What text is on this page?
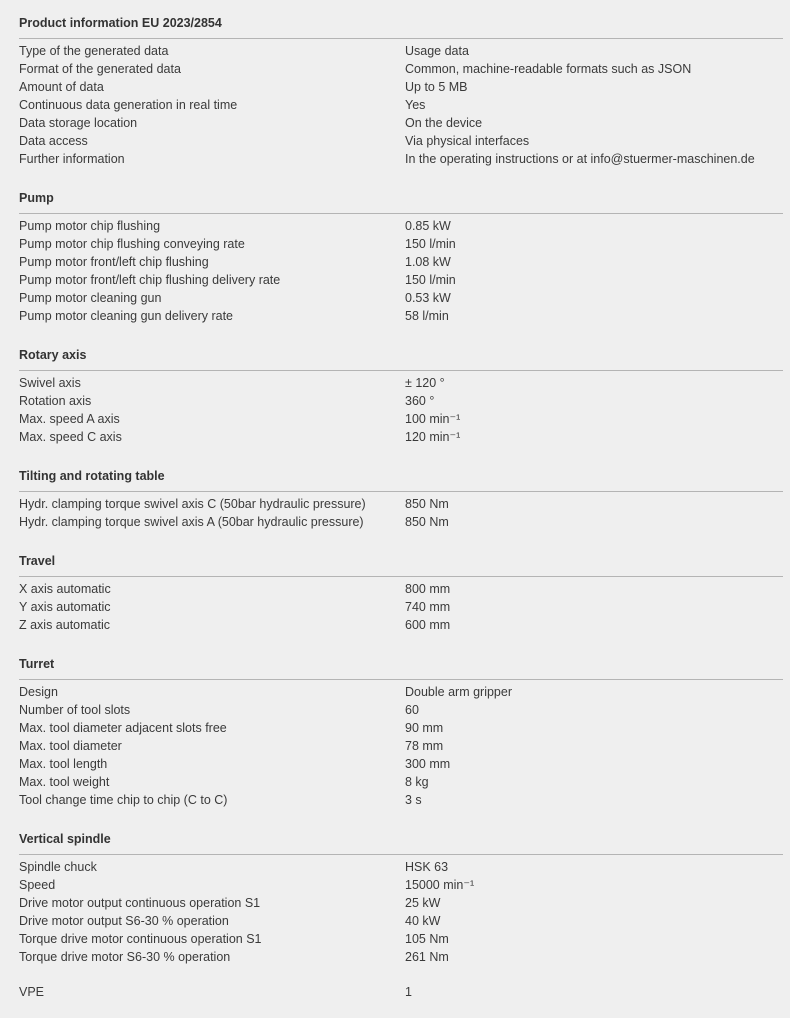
Product information EU 2023/2854
Type of the generated data	Usage data
Format of the generated data	Common, machine-readable formats such as JSON
Amount of data	Up to 5 MB
Continuous data generation in real time	Yes
Data storage location	On the device
Data access	Via physical interfaces
Further information	In the operating instructions or at info@stuermer-maschinen.de
Pump
Pump motor chip flushing	0.85 kW
Pump motor chip flushing conveying rate	150 l/min
Pump motor front/left chip flushing	1.08 kW
Pump motor front/left chip flushing delivery rate	150 l/min
Pump motor cleaning gun	0.53 kW
Pump motor cleaning gun delivery rate	58 l/min
Rotary axis
Swivel axis	± 120 °
Rotation axis	360 °
Max. speed A axis	100 min⁻¹
Max. speed C axis	120 min⁻¹
Tilting and rotating table
Hydr. clamping torque swivel axis C (50bar hydraulic pressure)	850 Nm
Hydr. clamping torque swivel axis A (50bar hydraulic pressure)	850 Nm
Travel
X axis automatic	800 mm
Y axis automatic	740 mm
Z axis automatic	600 mm
Turret
Design	Double arm gripper
Number of tool slots	60
Max. tool diameter adjacent slots free	90 mm
Max. tool diameter	78 mm
Max. tool length	300 mm
Max. tool weight	8 kg
Tool change time chip to chip (C to C)	3 s
Vertical spindle
Spindle chuck	HSK 63
Speed	15000 min⁻¹
Drive motor output continuous operation S1	25 kW
Drive motor output S6-30 % operation	40 kW
Torque drive motor continuous operation S1	105 Nm
Torque drive motor S6-30 % operation	261 Nm
VPE	1
